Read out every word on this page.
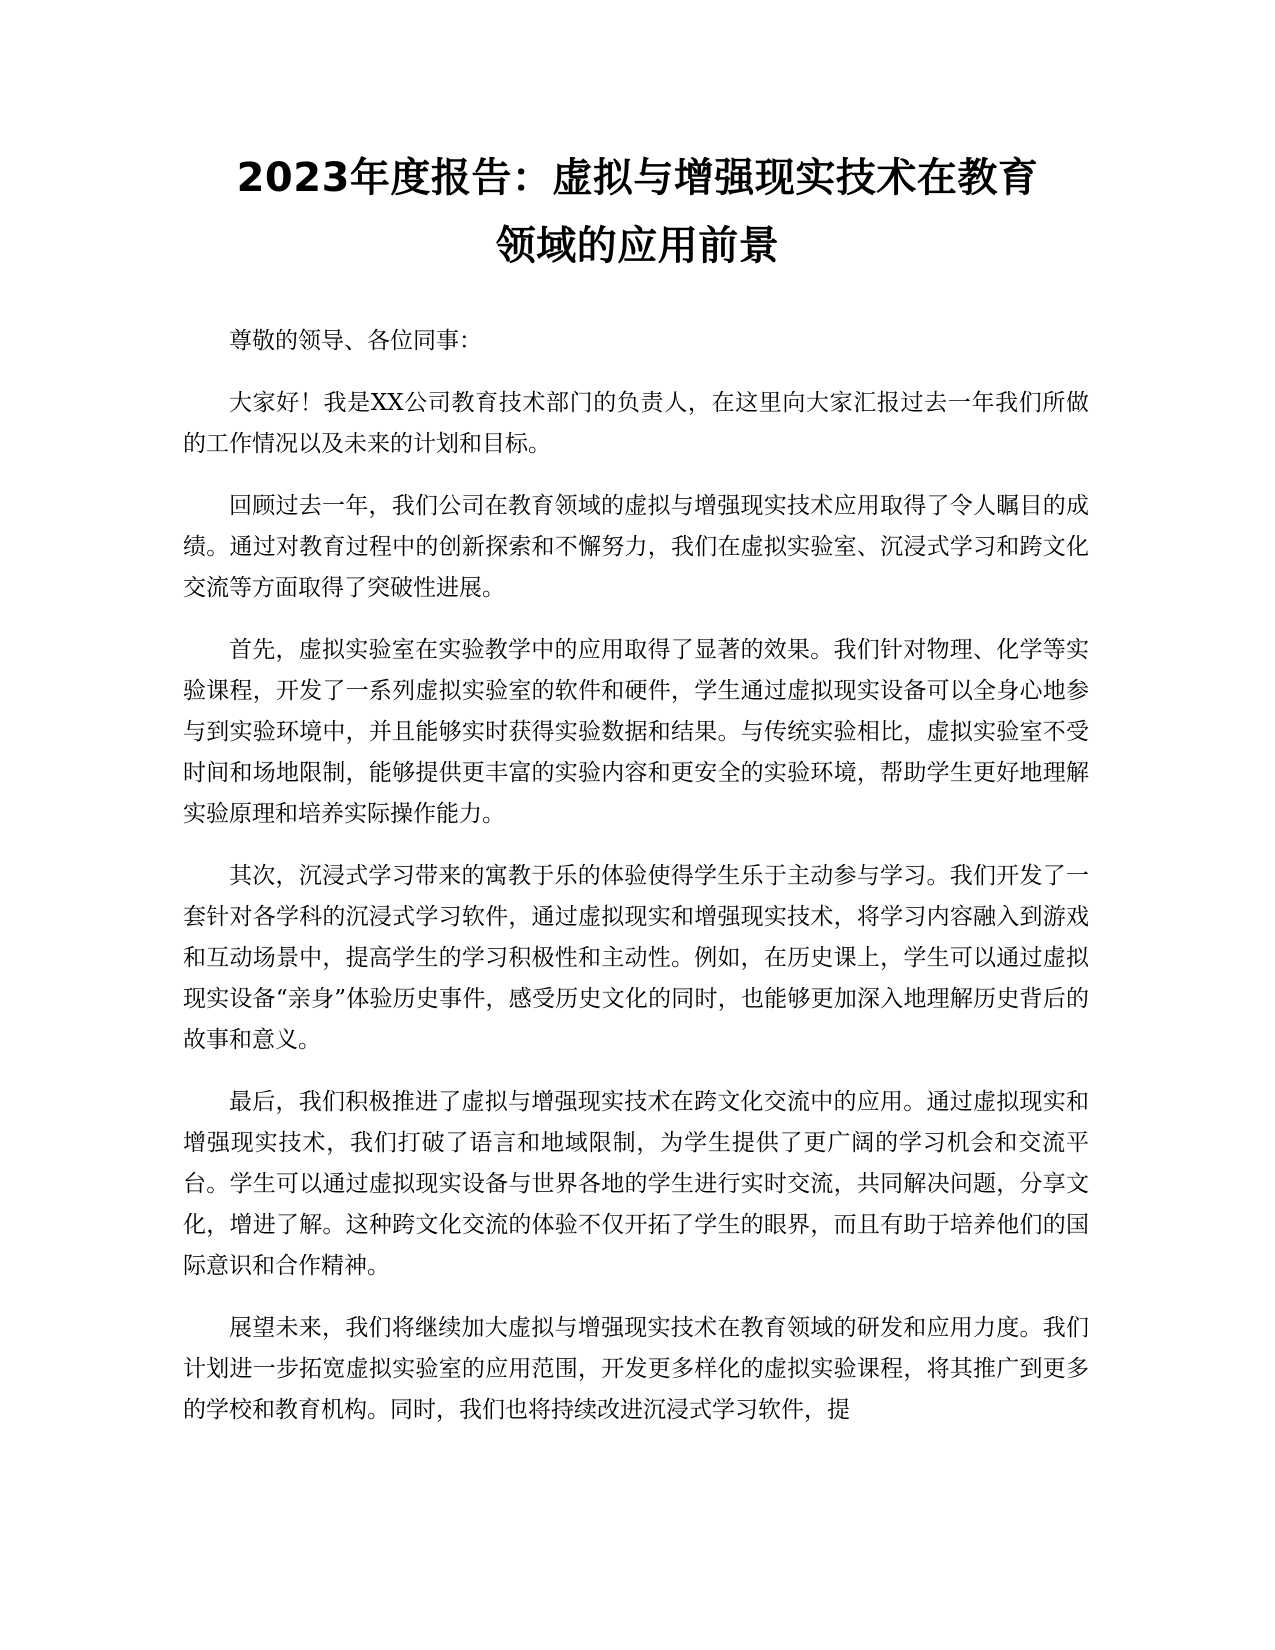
2023年度报告：虚拟与增强现实技术在教育
领域的应用前景

尊敬的领导、各位同事：

大家好！我是XX公司教育技术部门的负责人，在这里向大家汇报过去一年我们所做的工作情况以及未来的计划和目标。

回顾过去一年，我们公司在教育领域的虚拟与增强现实技术应用取得了令人瞩目的成绩。通过对教育过程中的创新探索和不懈努力，我们在虚拟实验室、沉浸式学习和跨文化交流等方面取得了突破性进展。

首先，虚拟实验室在实验教学中的应用取得了显著的效果。我们针对物理、化学等实验课程，开发了一系列虚拟实验室的软件和硬件，学生通过虚拟现实设备可以全身心地参与到实验环境中，并且能够实时获得实验数据和结果。与传统实验相比，虚拟实验室不受时间和场地限制，能够提供更丰富的实验内容和更安全的实验环境，帮助学生更好地理解实验原理和培养实际操作能力。

其次，沉浸式学习带来的寓教于乐的体验使得学生乐于主动参与学习。我们开发了一套针对各学科的沉浸式学习软件，通过虚拟现实和增强现实技术，将学习内容融入到游戏和互动场景中，提高学生的学习积极性和主动性。例如，在历史课上，学生可以通过虚拟现实设备“亲身”体验历史事件，感受历史文化的同时，也能够更加深入地理解历史背后的故事和意义。

最后，我们积极推进了虚拟与增强现实技术在跨文化交流中的应用。通过虚拟现实和增强现实技术，我们打破了语言和地域限制，为学生提供了更广阔的学习机会和交流平台。学生可以通过虚拟现实设备与世界各地的学生进行实时交流，共同解决问题，分享文化，增进了解。这种跨文化交流的体验不仅开拓了学生的眼界，而且有助于培养他们的国际意识和合作精神。

展望未来，我们将继续加大虚拟与增强现实技术在教育领域的研发和应用力度。我们计划进一步拓宽虚拟实验室的应用范围，开发更多样化的虚拟实验课程，将其推广到更多的学校和教育机构。同时，我们也将持续改进沉浸式学习软件，提
